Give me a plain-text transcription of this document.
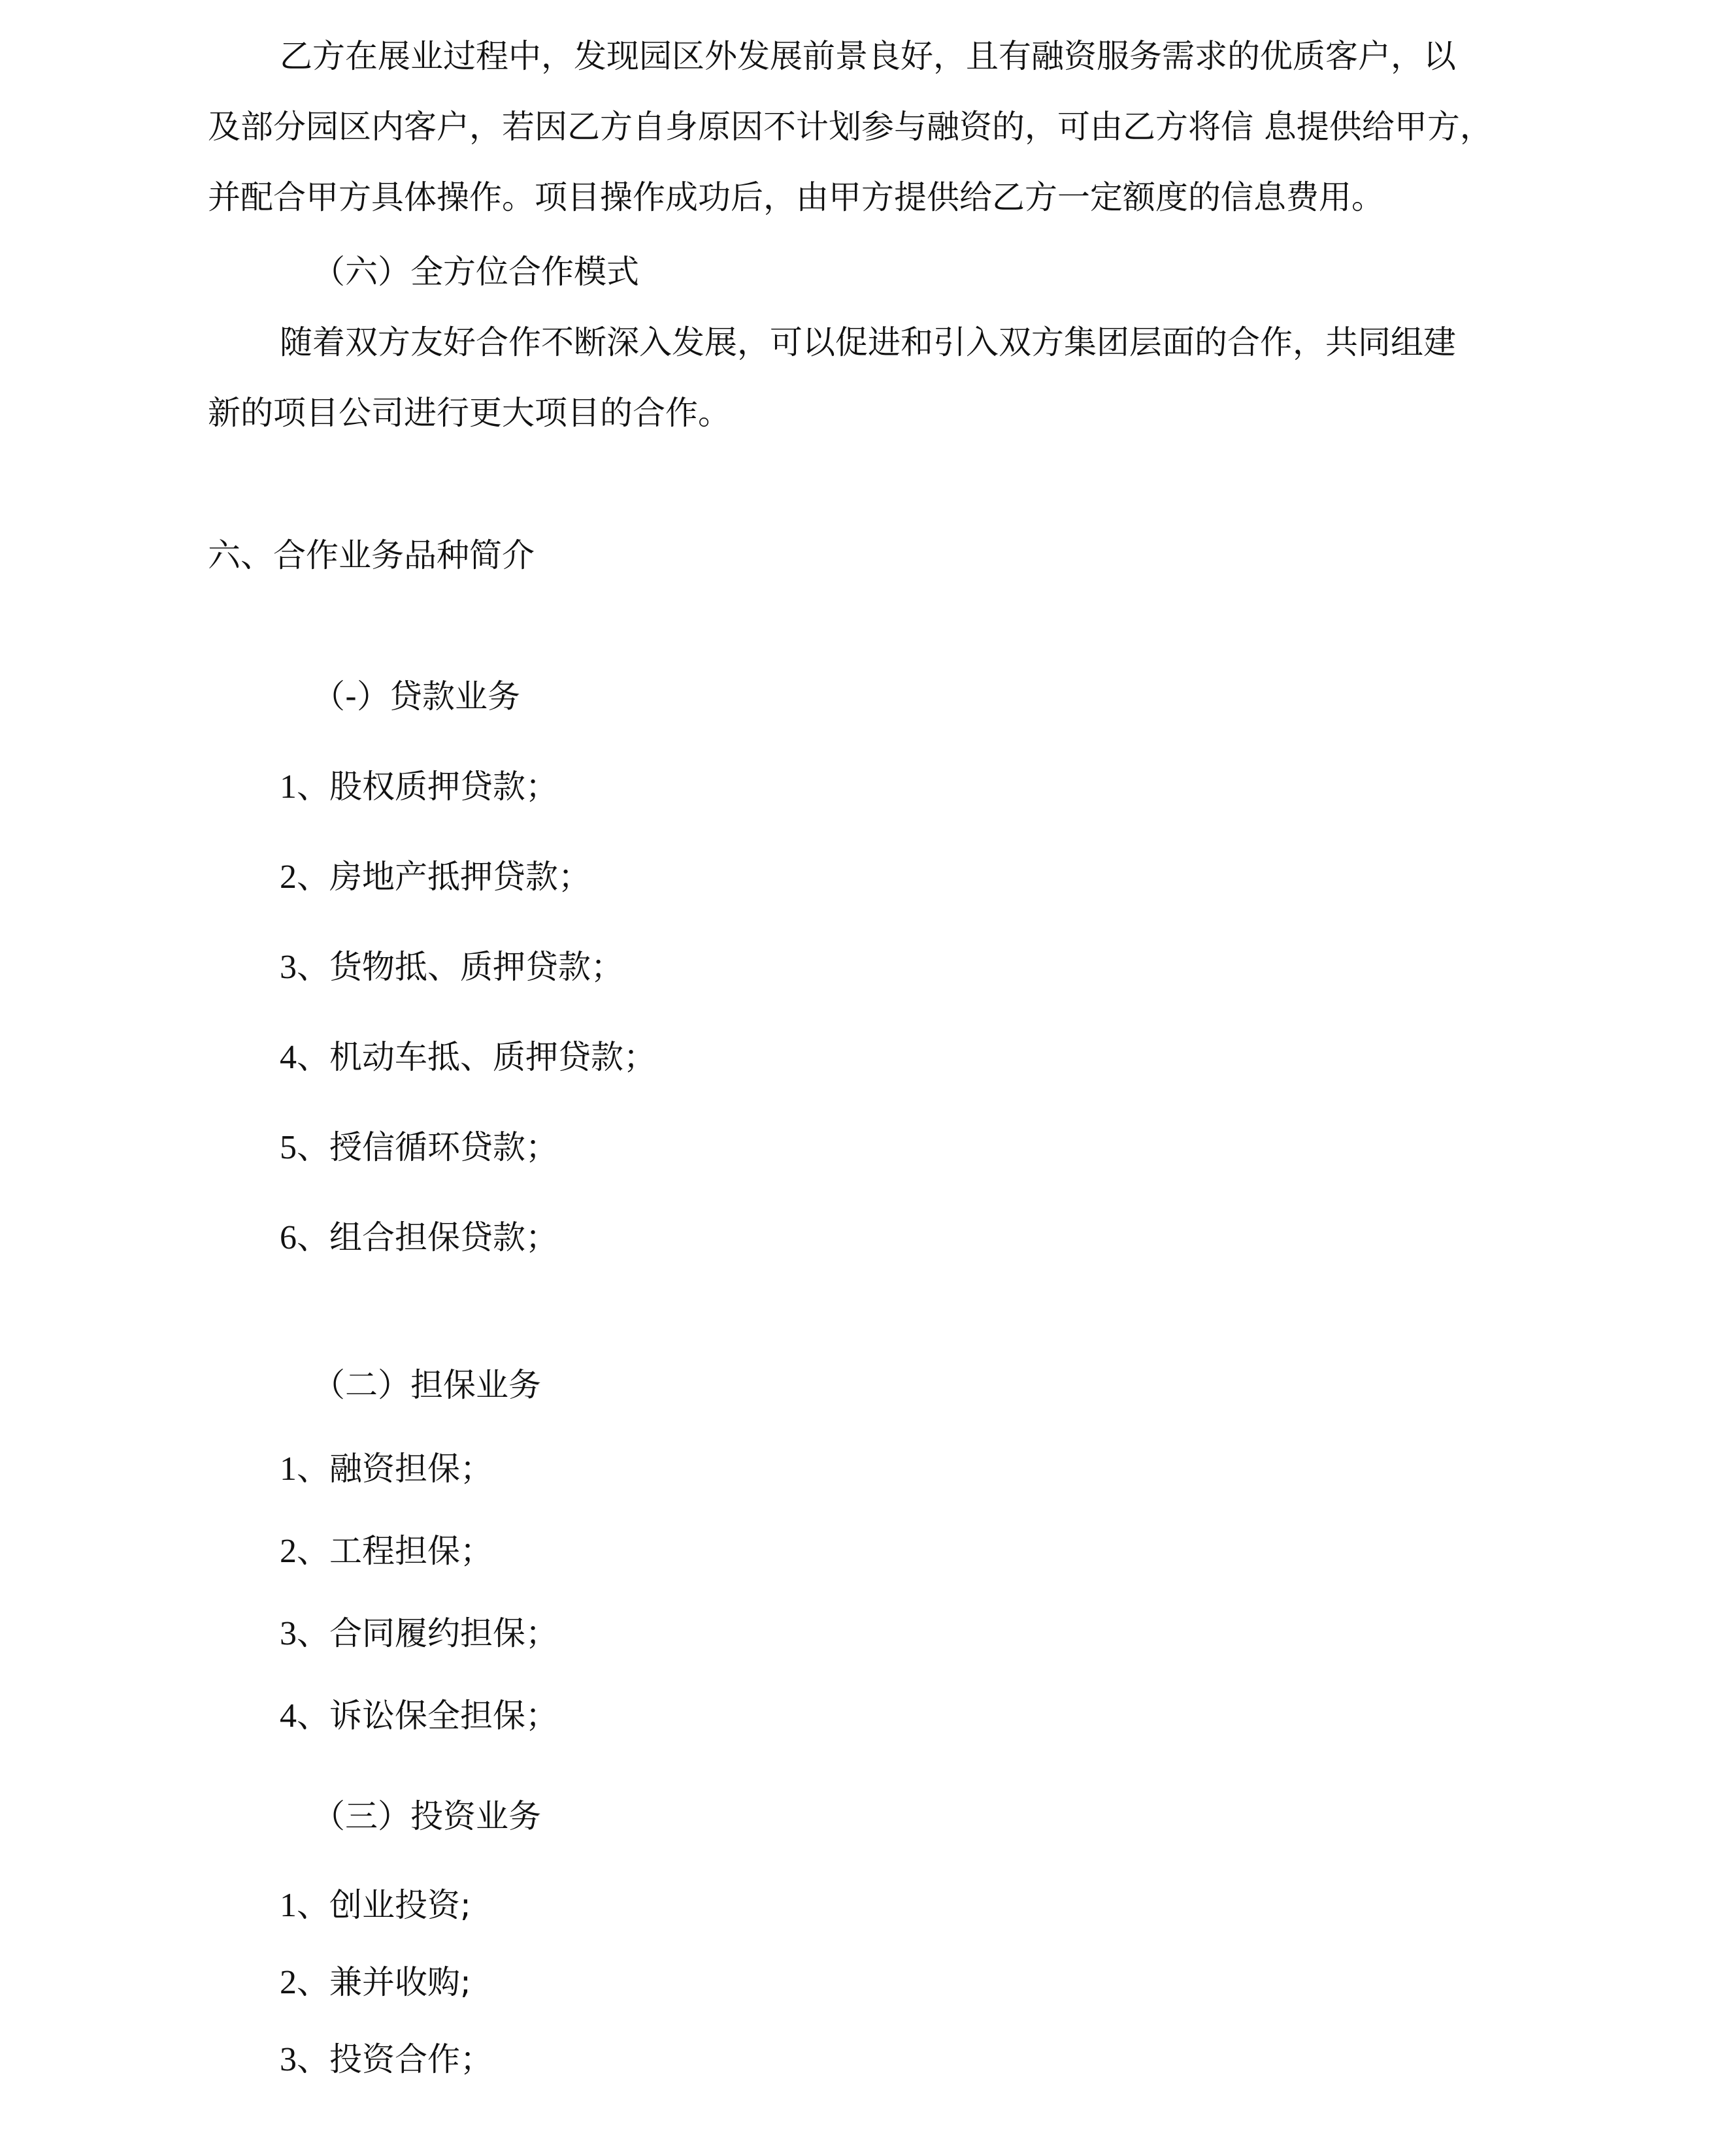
乙方在展业过程中，发现园区外发展前景良好，且有融资服务需求的优质客户，以
及部分园区内客户，若因乙方自身原因不计划参与融资的，可由乙方将信 息提供给甲方，
并配合甲方具体操作。项目操作成功后，由甲方提供给乙方一定额度的信息费用。
（六）全方位合作模式
随着双方友好合作不断深入发展，可以促进和引入双方集团层面的合作，共同组建
新的项目公司进行更大项目的合作。
六、合作业务品种简介
（-）贷款业务
1、股权质押贷款；
2、房地产抵押贷款；
3、货物抵、质押贷款；
4、机动车抵、质押贷款；
5、授信循环贷款；
6、组合担保贷款；
（二）担保业务
1、融资担保；
2、工程担保；
3、合同履约担保；
4、诉讼保全担保；
（三）投资业务
1、创业投资;
2、兼并收购;
3、投资合作；
